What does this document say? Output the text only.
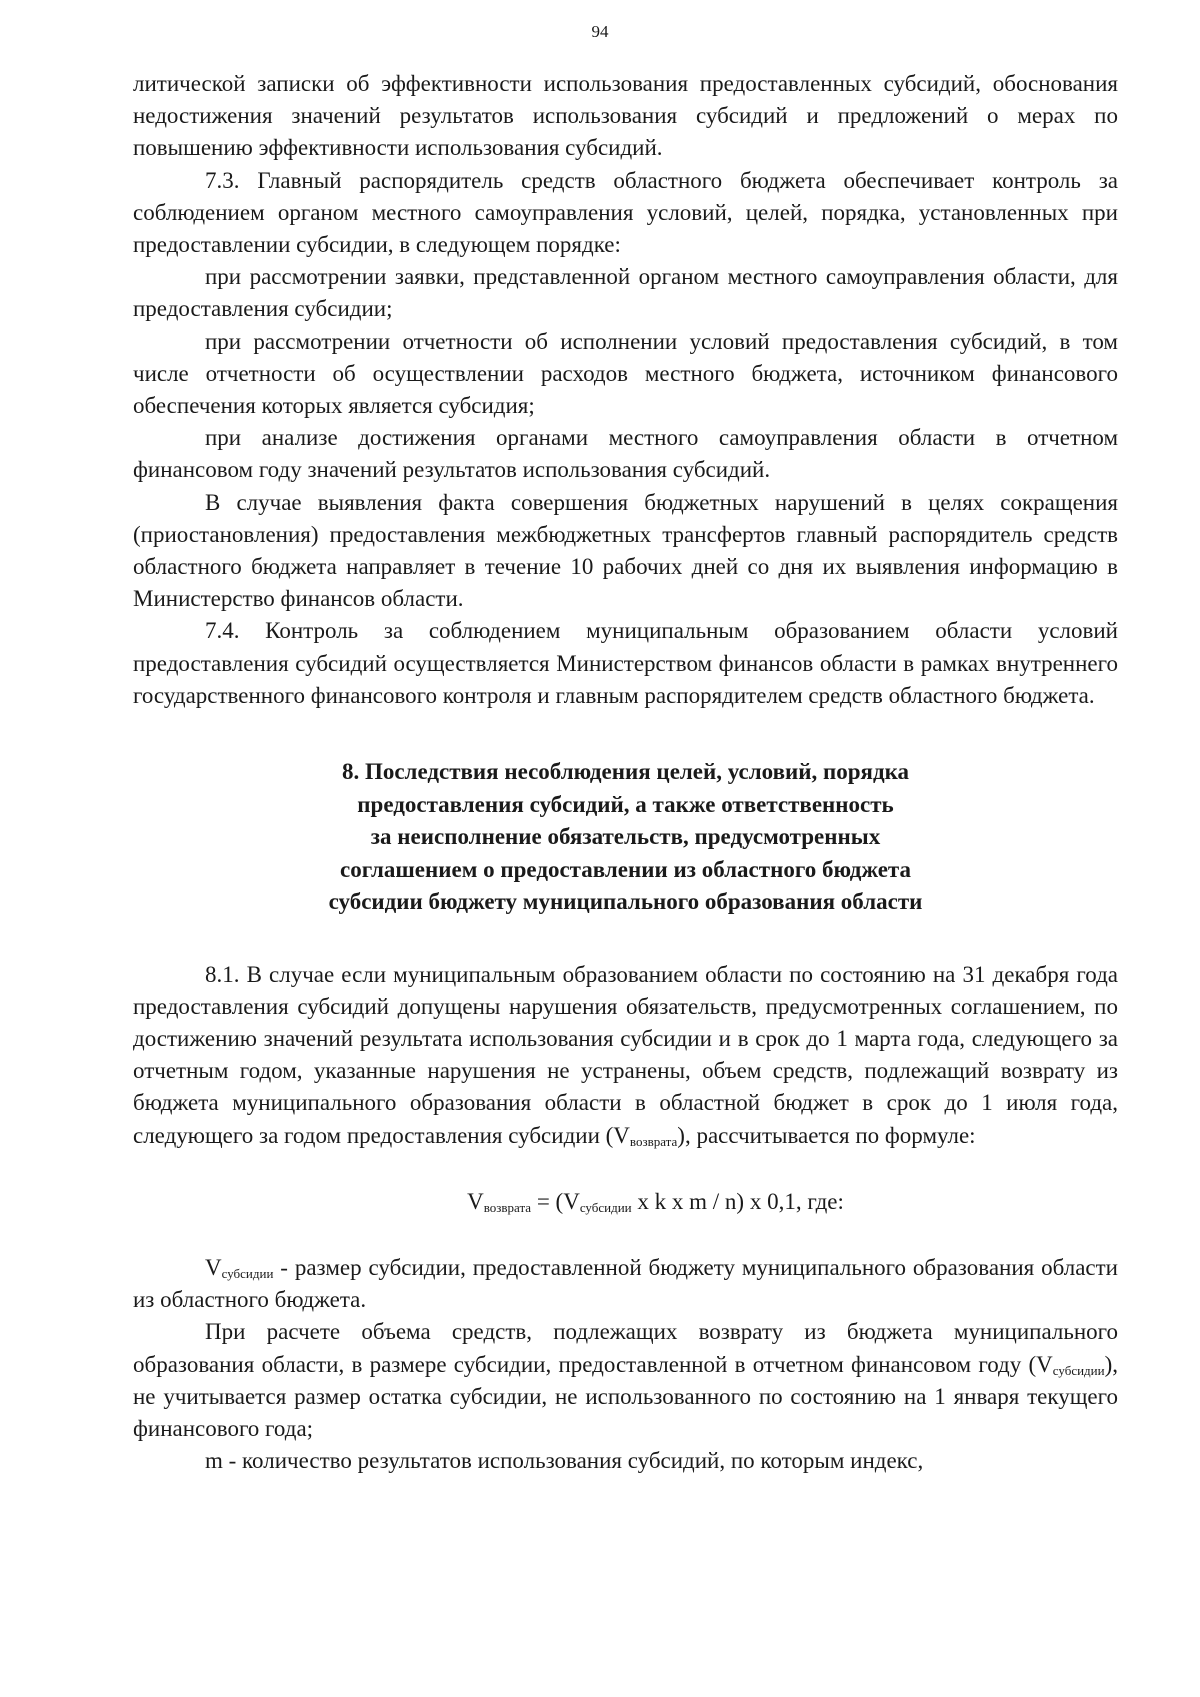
94

литической записки об эффективности использования предоставленных субсидий, обоснования недостижения значений результатов использования субсидий и предложений о мерах по повышению эффективности использования субсидий.

7.3. Главный распорядитель средств областного бюджета обеспечивает контроль за соблюдением органом местного самоуправления условий, целей, порядка, установленных при предоставлении субсидии, в следующем порядке:

при рассмотрении заявки, представленной органом местного самоуправления области, для предоставления субсидии;

при рассмотрении отчетности об исполнении условий предоставления субсидий, в том числе отчетности об осуществлении расходов местного бюджета, источником финансового обеспечения которых является субсидия;

при анализе достижения органами местного самоуправления области в отчетном финансовом году значений результатов использования субсидий.

В случае выявления факта совершения бюджетных нарушений в целях сокращения (приостановления) предоставления межбюджетных трансфертов главный распорядитель средств областного бюджета направляет в течение 10 рабочих дней со дня их выявления информацию в Министерство финансов области.

7.4. Контроль за соблюдением муниципальным образованием области условий предоставления субсидий осуществляется Министерством финансов области в рамках внутреннего государственного финансового контроля и главным распорядителем средств областного бюджета.

8. Последствия несоблюдения целей, условий, порядка
предоставления субсидий, а также ответственность
за неисполнение обязательств, предусмотренных
соглашением о предоставлении из областного бюджета
субсидии бюджету муниципального образования области

8.1. В случае если муниципальным образованием области по состоянию на 31 декабря года предоставления субсидий допущены нарушения обязательств, предусмотренных соглашением, по достижению значений результата использования субсидии и в срок до 1 марта года, следующего за отчетным годом, указанные нарушения не устранены, объем средств, подлежащий возврату из бюджета муниципального образования области в областной бюджет в срок до 1 июля года, следующего за годом предоставления субсидии $(V_{возврата})$, рассчитывается по формуле:

$V_{возврата} = (V_{субсидии}$ x k x m / n) x 0,1, где:

$V_{субсидии}$ - размер субсидии, предоставленной бюджету муниципального образования области из областного бюджета.

При расчете объема средств, подлежащих возврату из бюджета муниципального образования области, в размере субсидии, предоставленной в отчетном финансовом году $(V_{субсидии})$, не учитывается размер остатка субсидии, не использованного по состоянию на 1 января текущего финансового года;

m - количество результатов использования субсидий, по которым индекс,
